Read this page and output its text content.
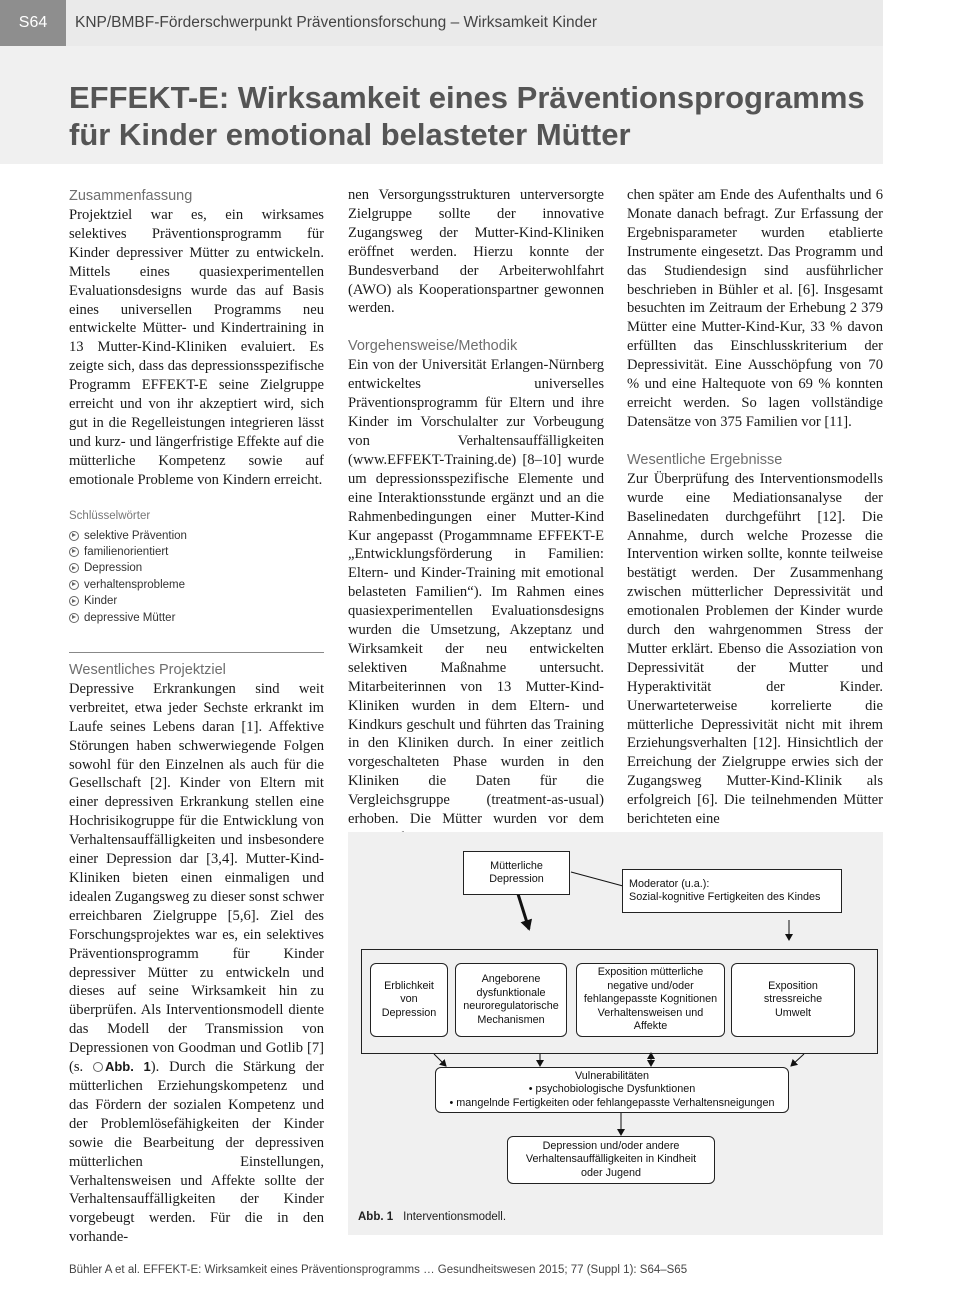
S64	KNP/BMBF-Förderschwerpunkt Präventionsforschung – Wirksamkeit Kinder
EFFEKT-E: Wirksamkeit eines Präventionsprogramms für Kinder emotional belasteter Mütter
Zusammenfassung

Projektziel war es, ein wirksames selektives Präventionsprogramm für Kinder depressiver Mütter zu entwickeln. Mittels eines quasiexperimentellen Evaluationsdesigns wurde das auf Basis eines universellen Programms neu entwickelte Mütter- und Kindertraining in 13 Mutter-Kind-Kliniken evaluiert. Es zeigte sich, dass das depressionsspezifische Programm EFFEKT-E seine Zielgruppe erreicht und von ihr akzeptiert wird, sich gut in die Regelleistungen integrieren lässt und kurz- und längerfristige Effekte auf die mütterliche Kompetenz sowie auf emotionale Probleme von Kindern erreicht.

Schlüsselwörter
selektive Prävention
familienorientiert
Depression
verhaltensprobleme
Kinder
depressive Mütter
Wesentliches Projektziel

Depressive Erkrankungen sind weit verbreitet, etwa jeder Sechste erkrankt im Laufe seines Lebens daran [1]. Affektive Störungen haben schwerwiegende Folgen sowohl für den Einzelnen als auch für die Gesellschaft [2]. Kinder von Eltern mit einer depressiven Erkrankung stellen eine Hochrisikogruppe für die Entwicklung von Verhaltensauffälligkeiten und insbesondere einer Depression dar [3,4]. Mutter-Kind-Kliniken bieten einen einmaligen und idealen Zugangsweg zu dieser sonst schwer erreichbaren Zielgruppe [5,6]. Ziel des Forschungsprojektes war es, ein selektives Präventionsprogramm für Kinder depressiver Mütter zu entwickeln und dieses auf seine Wirksamkeit hin zu überprüfen. Als Interventionsmodell diente das Modell der Transmission von Depressionen von Goodman und Gotlib [7] (s. Abb. 1). Durch die Stärkung der mütterlichen Erziehungskompetenz und das Fördern der sozialen Kompetenz und der Problemlösefähigkeiten der Kinder sowie die Bearbeitung der depressiven mütterlichen Einstellungen, Verhaltensweisen und Affekte sollte der Verhaltensauffälligkeiten der Kinder vorgebeugt werden. Für die in den vorhande-

nen Versorgungsstrukturen unterversorgte Zielgruppe sollte der innovative Zugangsweg der Mutter-Kind-Kliniken eröffnet werden. Hierzu konnte der Bundesverband der Arbeiterwohlfahrt (AWO) als Kooperationspartner gewonnen werden.

Vorgehensweise/Methodik

Ein von der Universität Erlangen-Nürnberg entwickeltes universelles Präventionsprogramm für Eltern und ihre Kinder im Vorschulalter zur Vorbeugung von Verhaltensauffälligkeiten (www.EFFEKT-Training.de) [8–10] wurde um depressionsspezifische Elemente und eine Interaktionsstunde ergänzt und an die Rahmenbedingungen einer Mutter-Kind Kur angepasst (Progammname EFFEKT-E „Entwicklungsförderung in Familien: Eltern- und Kinder-Training mit emotional belasteten Familien“). Im Rahmen eines quasiexperimentellen Evaluationsdesigns wurden die Umsetzung, Akzeptanz und Wirksamkeit der neu entwickelten selektiven Maßnahme untersucht. Mitarbeiterinnen von 13 Mutter-Kind-Kliniken wurden in dem Eltern- und Kindkurs geschult und führten das Training in den Kliniken durch. In einer zeitlich vorgeschalteten Phase wurden in den Kliniken die Daten für die Vergleichsgruppe (treatment-as-usual) erhoben. Die Mütter wurden vor dem

chen später am Ende des Aufenthalts und 6 Monate danach befragt. Zur Erfassung der Ergebnisparameter wurden etablierte Instrumente eingesetzt. Das Programm und das Studiendesign sind ausführlicher beschrieben in Bühler et al. [6]. Insgesamt besuchten im Zeitraum der Erhebung 2 379 Mütter eine Mutter-Kind-Kur, 33 % davon erfüllten das Einschlusskriterium der Depressivität. Eine Ausschöpfung von 70 % und eine Haltequote von 69 % konnten erreicht werden. So lagen vollständige Datensätze von 375 Familien vor [11].

Wesentliche Ergebnisse

Zur Überprüfung des Interventionsmodells wurde eine Mediationsanalyse der Baselinedaten durchgeführt [12]. Die Annahme, durch welche Prozesse die Intervention wirken sollte, konnte teilweise bestätigt werden. Der Zusammenhang zwischen mütterlicher Depressivität und emotionalen Problemen der Kinder wurde durch den wahrgenommen Stress der Mutter erklärt. Ebenso die Assoziation von Depressivität der Mutter und Hyperaktivität der Kinder. Unerwarteterweise korrelierte die mütterliche Depressivität nicht mit ihrem Erziehungsverhalten [12]. Hinsichtlich der Erreichung der Zielgruppe erwies sich der Zugangsweg Mutter-Kind-Klinik als erfolgreich [6]. Die teilnehmenden Mütter berichteten eine

Mütterliche Depression	Moderator (u.a.):
Sozial-kognitive Fertigkeiten des Kindes
Erblichkeit von Depression
Angeborene dysfunktionale neuroregulatorische Mechanismen
Exposition mütterliche negative und/oder fehlangepasste Kognitionen Verhaltensweisen und Affekte
Exposition stressreiche Umwelt
Vulnerabilitäten
• psychobiologische Dysfunktionen
• mangelnde Fertigkeiten oder fehlangepasste Verhaltensneigungen
Depression und/oder andere Verhaltensauffälligkeiten in Kindheit oder Jugend
Abb. 1 Interventionsmodell.
Bühler A et al. EFFEKT-E: Wirksamkeit eines Präventionsprogramms … Gesundheitswesen 2015; 77 (Suppl 1): S64–S65
